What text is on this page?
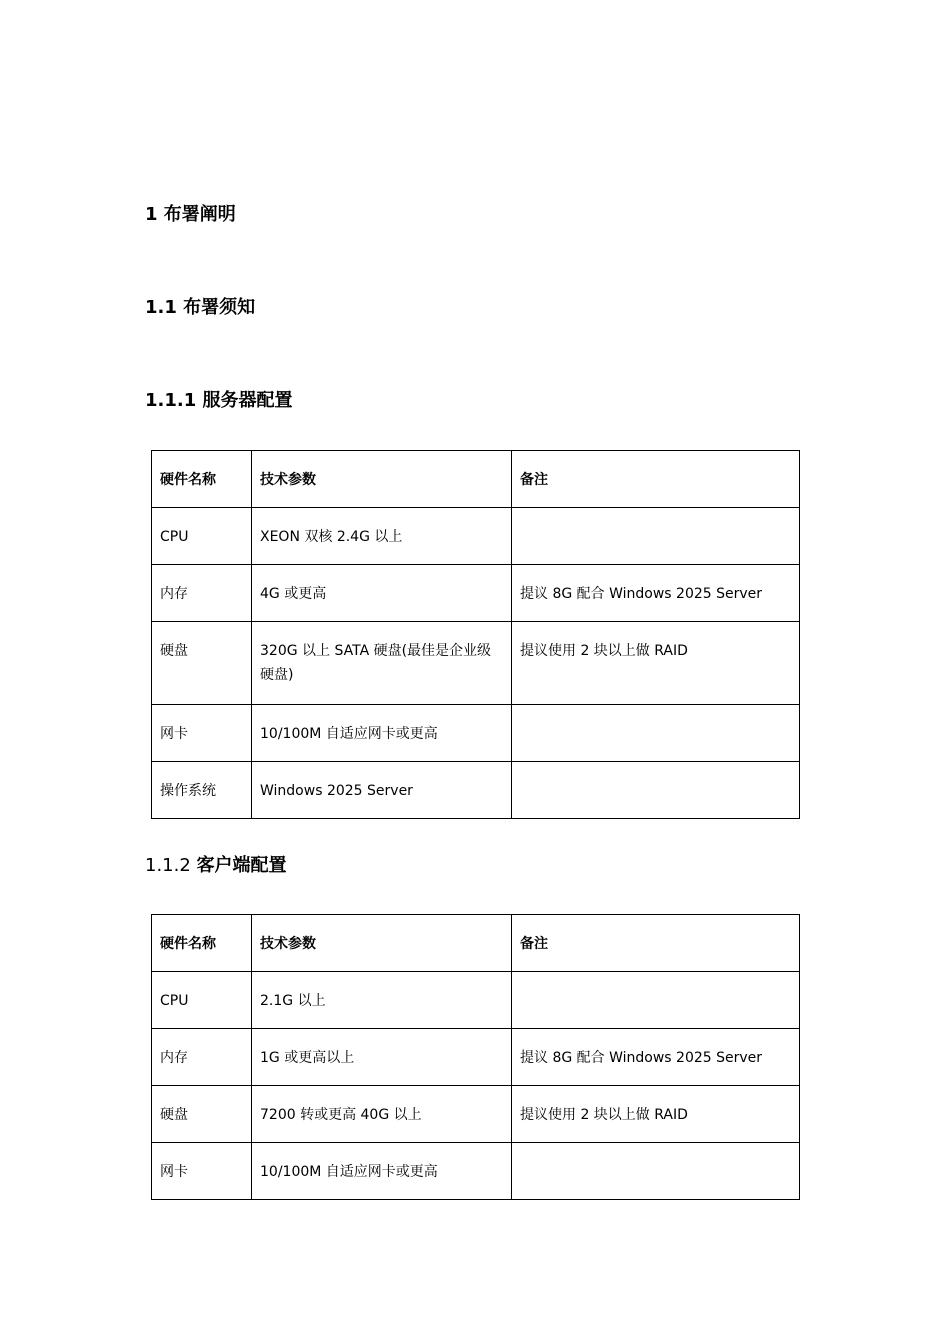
1 布署阐明
1.1 布署须知
1.1.1 服务器配置
硬件名称	技术参数	备注
CPU	XEON 双核 2.4G 以上	
内存	4G 或更高	提议 8G 配合 Windows 2025 Server
硬盘	320G 以上 SATA 硬盘(最佳是企业级硬盘)	提议使用 2 块以上做 RAID
网卡	10/100M 自适应网卡或更高	
操作系统	Windows 2025 Server	
1.1.2 客户端配置
硬件名称	技术参数	备注
CPU	2.1G 以上	
内存	1G 或更高以上	提议 8G 配合 Windows 2025 Server
硬盘	7200 转或更高 40G 以上	提议使用 2 块以上做 RAID
网卡	10/100M 自适应网卡或更高	
